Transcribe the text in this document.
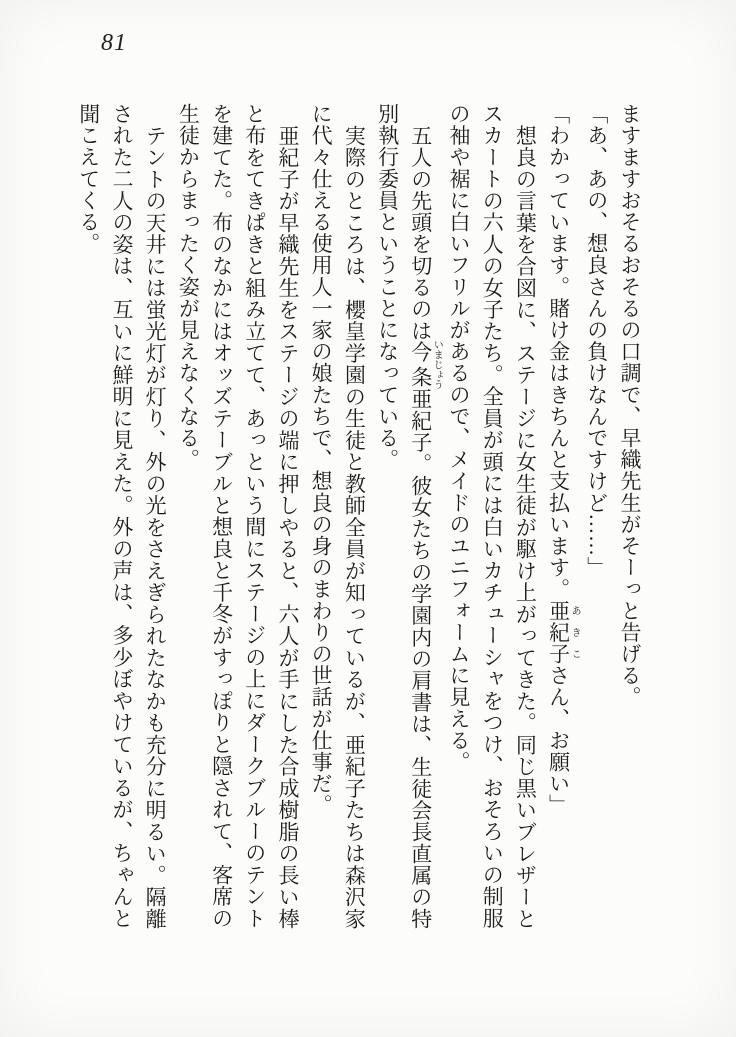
81

ますますおそるおそるの口調で、早織先生がそーっと告げる。

「あ、あの、想良さんの負けなんですけど……」

「わかっています。賭け金はきちんと支払います。亜紀子あきこさん、お願い」

想良の言葉を合図に、ステージに女生徒が駆け上がってきた。同じ黒いブレザーとスカートの六人の女子たち。全員が頭には白いカチューシャをつけ、おそろいの制服の袖や裾に白いフリルがあるので、メイドのユニフォームに見える。

五人の先頭を切るのは今条いまじょう亜紀子。彼女たちの学園内の肩書は、生徒会長直属の特別執行委員ということになっている。

実際のところは、櫻皇学園の生徒と教師全員が知っているが、亜紀子たちは森沢家に代々仕える使用人一家の娘たちで、想良の身のまわりの世話が仕事だ。

亜紀子が早織先生をステージの端に押しやると、六人が手にした合成樹脂の長い棒と布をてきぱきと組み立てて、あっという間にステージの上にダークブルーのテントを建てた。布のなかにはオッズテーブルと想良と千冬がすっぽりと隠されて、客席の生徒からまったく姿が見えなくなる。

テントの天井には蛍光灯が灯り、外の光をさえぎられたなかも充分に明るい。隔離された二人の姿は、互いに鮮明に見えた。外の声は、多少ぼやけているが、ちゃんと聞こえてくる。
